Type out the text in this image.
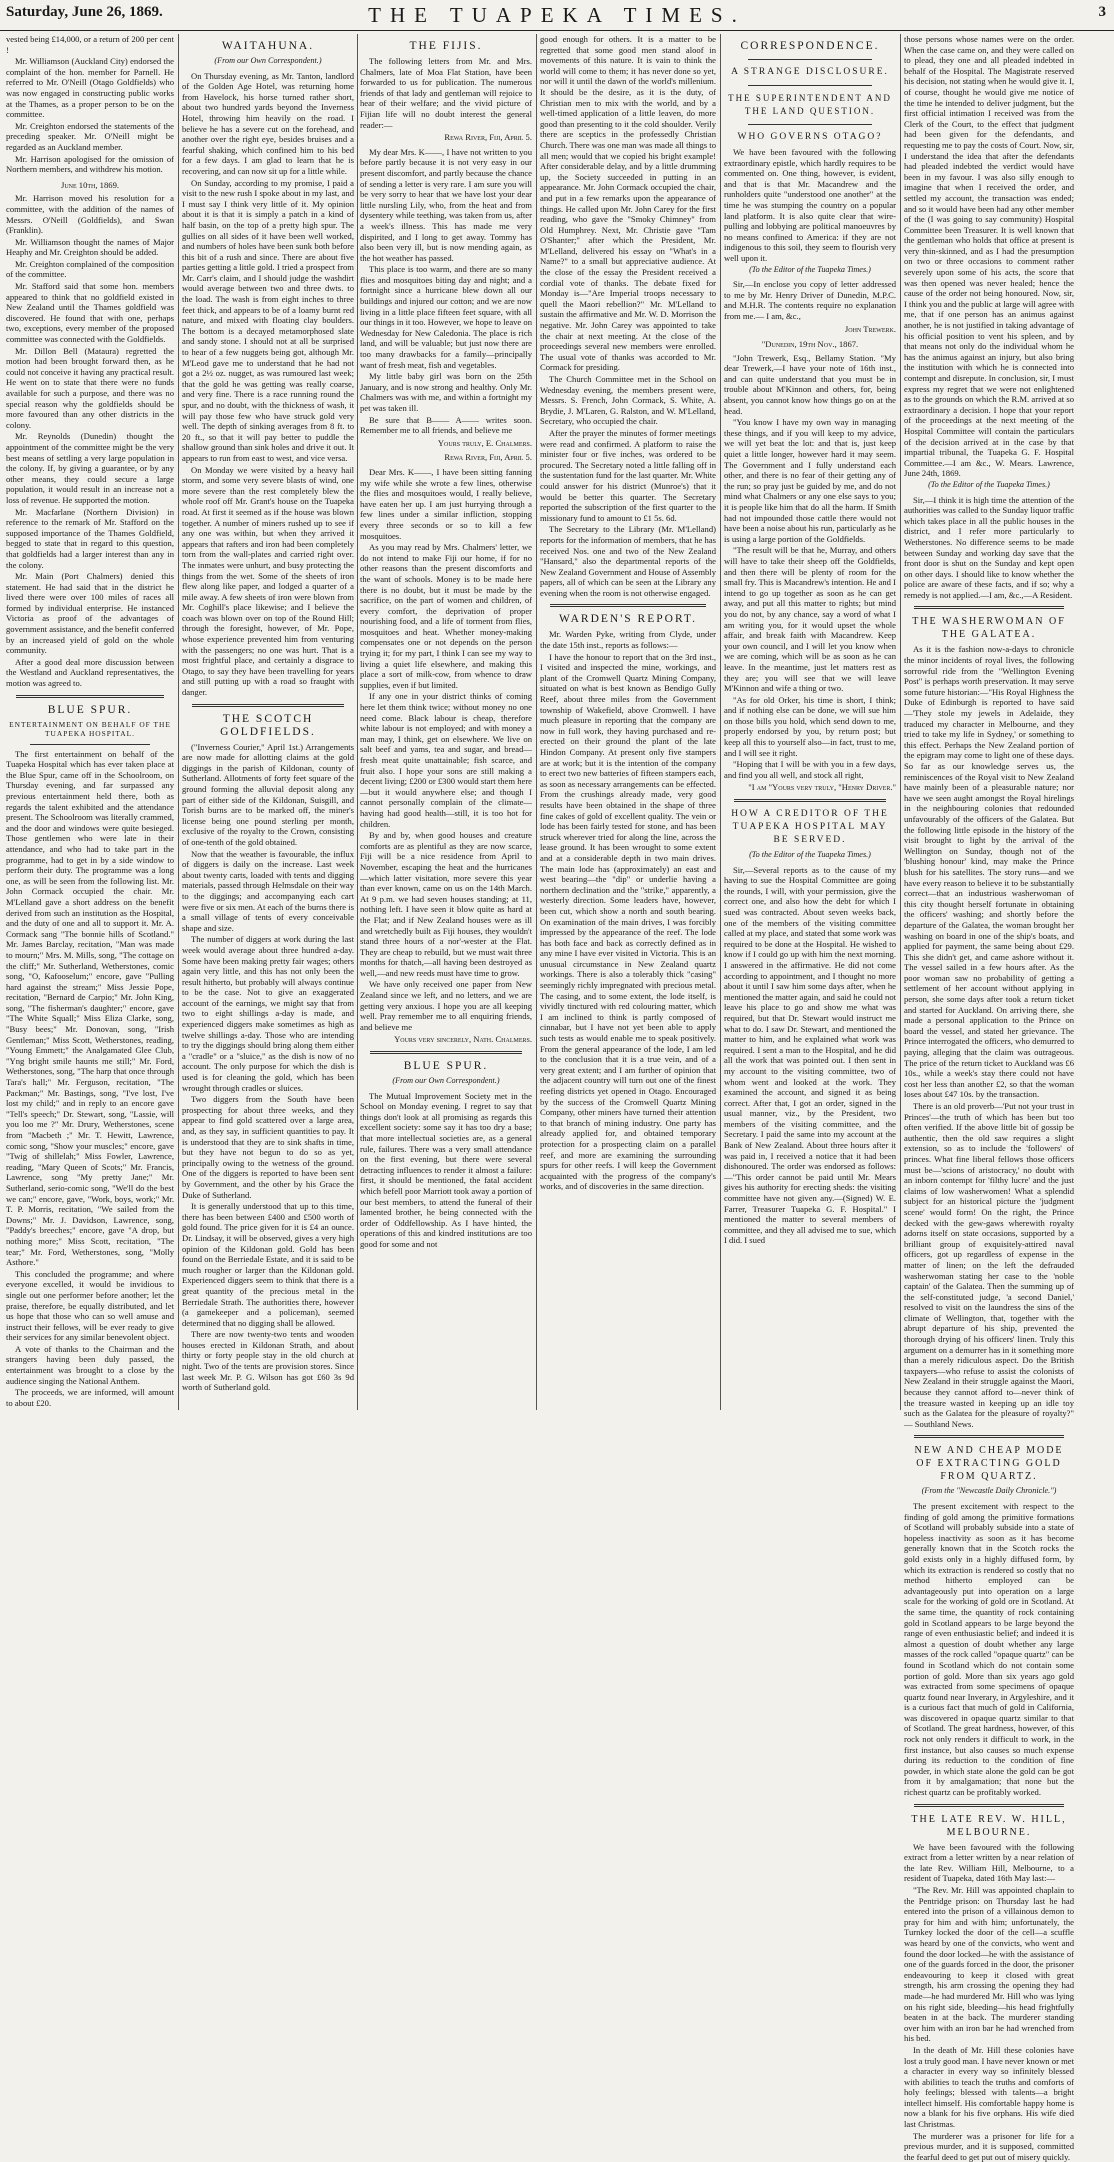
Saturday, June 26, 1869.	THE TUAPEKA TIMES.	3

vested being £14,000, or a return of 200 per cent !

Mr. Williamson (Auckland City) endorsed the complaint of the hon. member for Parnell. He referred to Mr. O'Neill (Otago Goldfields) who was now engaged in constructing public works at the Thames, as a proper person to be on the committee.

Mr. Creighton endorsed the statements of the preceding speaker. Mr. O'Neill might be regarded as an Auckland member.

Mr. Harrison apologised for the omission of Northern members, and withdrew his motion.

June 10th, 1869.

Mr. Harrison moved his resolution for a committee, with the addition of the names of Messrs. O'Neill (Goldfields), and Swan (Franklin).

Mr. Williamson thought the names of Major Heaphy and Mr. Creighton should be added.

Mr. Creighton complained of the composition of the committee.

Mr. Stafford said that some hon. members appeared to think that no goldfield existed in New Zealand until the Thames goldfield was discovered. He found that with one, perhaps two, exceptions, every member of the proposed committee was connected with the Goldfields.

Mr. Dillon Bell (Mataura) regretted the motion had been brought forward then, as he could not conceive it having any practical result. He went on to state that there were no funds available for such a purpose, and there was no special reason why the goldfields should be more favoured than any other districts in the colony.

Mr. Reynolds (Dunedin) thought the appointment of the committee might be the very best means of settling a very large population in the colony. If, by giving a guarantee, or by any other means, they could secure a large population, it would result in an increase not a loss of revenue. He supported the motion.

Mr. Macfarlane (Northern Division) in reference to the remark of Mr. Stafford on the supposed importance of the Thames Goldfield, begged to state that in regard to this question, that goldfields had a larger interest than any in the colony.

Mr. Main (Port Chalmers) denied this statement. He had said that in the district he lived there were over 100 miles of races all formed by individual enterprise. He instanced Victoria as proof of the advantages of government assistance, and the benefit conferred by an increased yield of gold on the whole community.

After a good deal more discussion between the Westland and Auckland representatives, the motion was agreed to.

BLUE SPUR.
ENTERTAINMENT ON BEHALF OF THE TUAPEKA HOSPITAL.

The first entertainment on behalf of the Tuapeka Hospital which has ever taken place at the Blue Spur, came off in the Schoolroom, on Thursday evening, and far surpassed any previous entertainment held there, both as regards the talent exhibited and the attendance present. The Schoolroom was literally crammed, and the door and windows were quite besieged. Those gentlemen who were late in their attendance, and who had to take part in the programme, had to get in by a side window to perform their duty. The programme was a long one, as will be seen from the following list. Mr. John Cormack occupied the chair. Mr. M'Lelland gave a short address on the benefit derived from such an institution as the Hospital, and the duty of one and all to support it. Mr. A. Cormack sang "The bonnie hills of Scotland." Mr. James Barclay, recitation, "Man was made to mourn;" Mrs. M. Mills, song, "The cottage on the cliff;" Mr. Sutherland, Wetherstones, comic song, "O, Kafooselum;" encore, gave "Pulling hard against the stream;" Miss Jessie Pope, recitation, "Bernard de Carpio;" Mr. John King, song, "The fisherman's daughter;" encore, gave "The White Squall;" Miss Eliza Clarke, song, "Busy bees;" Mr. Donovan, song, "Irish Gentleman;" Miss Scott, Wetherstones, reading, "Young Emmett;" the Analgamated Glee Club, "Yng bright smile haunts me still;" Mr. Ford, Wetherstones, song, "The harp that once through Tara's hall;" Mr. Ferguson, recitation, "The Packman;" Mr. Bastings, song, "I've lost, I've lost my child;" and in reply to an encore gave "Tell's speech;" Dr. Stewart, song, "Lassie, will you loo me ?" Mr. Drury, Wetherstones, scene from "Macbeth ;" Mr. T. Hewitt, Lawrence, comic song, "Show your muscles;" encore, gave "Twig of shillelah;" Miss Fowler, Lawrence, reading, "Mary Queen of Scots;" Mr. Francis, Lawrence, song "My pretty Jane;" Mr. Sutherland, serio-comic song, "We'll do the best we can;" encore, gave, "Work, boys, work;" Mr. T. P. Morris, recitation, "We sailed from the Downs;" Mr. J. Davidson, Lawrence, song, "Paddy's breeches;" encore, gave "A drop, but nothing more;" Miss Scott, recitation, "The tear;" Mr. Ford, Wetherstones, song, "Molly Asthore."

This concluded the programme; and where everyone excelled, it would be invidious to single out one performer before another; let the praise, therefore, be equally distributed, and let us hope that those who can so well amuse and instruct their fellows, will be ever ready to give their services for any similar benevolent object.

A vote of thanks to the Chairman and the strangers having been duly passed, the entertainment was brought to a close by the audience singing the National Anthem.

The proceeds, we are informed, will amount to about £20.

WAITAHUNA.
(From our Own Correspondent.)

On Thursday evening, as Mr. Tanton, landlord of the Golden Age Hotel, was returning home from Havelock, his horse turned rather short, about two hundred yards beyond the Inverness Hotel, throwing him heavily on the road. I believe he has a severe cut on the forehead, and another over the right eye, besides bruises and a fearful shaking, which confined him to his bed for a few days. I am glad to learn that he is recovering, and can now sit up for a little while.

On Sunday, according to my promise, I paid a visit to the new rush I spoke about in my last, and I must say I think very little of it. My opinion about it is that it is simply a patch in a kind of half basin, on the top of a pretty high spur. The gullies on all sides of it have been well worked, and numbers of holes have been sunk both before this bit of a rush and since. There are about five parties getting a little gold. I tried a prospect from Mr. Carr's claim, and I should judge the washdirt would average between two and three dwts. to the load. The wash is from eight inches to three feet thick, and appears to be of a loamy burnt red nature, and mixed with floating clay boulders. The bottom is a decayed metamorphosed slate and sandy stone. I should not at all be surprised to hear of a few nuggets being got, although Mr. M'Leod gave me to understand that he had not got a 2½ oz. nugget, as was rumoured last week; that the gold he was getting was really coarse, and very fine. There is a race running round the spur, and no doubt, with the thickness of wash, it will pay those few who have struck gold very well. The depth of sinking averages from 8 ft. to 20 ft., so that it will pay better to puddle the shallow ground than sink holes and drive it out. It appears to run from east to west, and vice versa.

On Monday we were visited by a heavy hail storm, and some very severe blasts of wind, one more severe than the rest completely blew the whole roof off Mr. Grant's house on the Tuapeka road. At first it seemed as if the house was blown together. A number of miners rushed up to see if any one was within, but when they arrived it appears that rafters and iron had been completely torn from the wall-plates and carried right over. The inmates were unhurt, and busy protecting the things from the wet. Some of the sheets of iron flew along like paper, and lodged a quarter of a mile away. A few sheets of iron were blown from Mr. Coghill's place likewise; and I believe the coach was blown over on top of the Round Hill; through the foresight, however, of Mr. Pope, whose experience prevented him from venturing with the passengers; no one was hurt. That is a most frightful place, and certainly a disgrace to Otago, to say they have been travelling for years and still putting up with a road so fraught with danger.

THE SCOTCH GOLDFIELDS.

("Inverness Courier," April 1st.) Arrangements are now made for allotting claims at the gold diggings in the parish of Kildonan, county of Sutherland. Allotments of forty feet square of the ground forming the alluvial deposit along any part of either side of the Kildonan, Suisgill, and Torish burns are to be marked off, the miner's license being one pound sterling per month, exclusive of the royalty to the Crown, consisting of one-tenth of the gold obtained.

Now that the weather is favourable, the influx of diggers is daily on the increase. Last week about twenty carts, loaded with tents and digging materials, passed through Helmsdale on their way to the diggings; and accompanying each cart were five or six men. At each of the burns there is a small village of tents of every conceivable shape and size.

The number of diggers at work during the last week would average about three hundred a-day. Some have been making pretty fair wages; others again very little, and this has not only been the result hitherto, but probably will always continue to be the case. Not to give an exaggerated account of the earnings, we might say that from two to eight shillings a-day is made, and experienced diggers make sometimes as high as twelve shillings a-day. Those who are intending to try the diggings should bring along them either a "cradle" or a "sluice," as the dish is now of no account. The only purpose for which the dish is used is for cleaning the gold, which has been wrought through cradles or sluices.

Two diggers from the South have been prospecting for about three weeks, and they appear to find gold scattered over a large area, and, as they say, in sufficient quantities to pay. It is understood that they are to sink shafts in time, but they have not begun to do so as yet, principally owing to the wetness of the ground. One of the diggers is reported to have been sent by Government, and the other by his Grace the Duke of Sutherland.

It is generally understood that up to this time, there has been between £400 and £500 worth of gold found. The price given for it is £4 an ounce. Dr. Lindsay, it will be observed, gives a very high opinion of the Kildonan gold. Gold has been found on the Berriedale Estate, and it is said to be much rougher or larger than the Kildonan gold. Experienced diggers seem to think that there is a great quantity of the precious metal in the Berriedale Strath. The authorities there, however (a gamekeeper and a policeman), seemed determined that no digging shall be allowed.

There are now twenty-two tents and wooden houses erected in Kildonan Strath, and about thirty or forty people stay in the old church at night. Two of the tents are provision stores. Since last week Mr. P. G. Wilson has got £60 3s 9d worth of Sutherland gold.

THE FIJIS.

The following letters from Mr. and Mrs. Chalmers, late of Moa Flat Station, have been forwarded to us for publication. The numerous friends of that lady and gentleman will rejoice to hear of their welfare; and the vivid picture of Fijian life will no doubt interest the general reader:—

Rewa River, Fiji, April 5.

My dear Mrs. K——, I have not written to you before partly because it is not very easy in our present discomfort, and partly because the chance of sending a letter is very rare. I am sure you will be very sorry to hear that we have lost your dear little nursling Lily, who, from the heat and from dysentery while teething, was taken from us, after a week's illness. This has made me very dispirited, and I long to get away. Tommy has also been very ill, but is now mending again, as the hot weather has passed.

This place is too warm, and there are so many flies and mosquitoes biting day and night; and a fortnight since a hurricane blew down all our buildings and injured our cotton; and we are now living in a little place fifteen feet square, with all our things in it too. However, we hope to leave on Wednesday for New Caledonia. The place is rich land, and will be valuable; but just now there are too many drawbacks for a family—principally want of fresh meat, fish and vegetables.

My little baby girl was born on the 25th January, and is now strong and healthy. Only Mr. Chalmers was with me, and within a fortnight my pet was taken ill.

Be sure that B—— A—— writes soon. Remember me to all friends, and believe me

Yours truly, E. Chalmers.
Rewa River, Fiji, April 5.

Dear Mrs. K——, I have been sitting fanning my wife while she wrote a few lines, otherwise the flies and mosquitoes would, I really believe, have eaten her up. I am just hurrying through a few lines under a similar infliction, stopping every three seconds or so to kill a few mosquitoes.

As you may read by Mrs. Chalmers' letter, we do not intend to make Fiji our home, if for no other reasons than the present discomforts and the want of schools. Money is to be made here there is no doubt, but it must be made by the sacrifice, on the part of women and children, of every comfort, the deprivation of proper nourishing food, and a life of torment from flies, mosquitoes and heat. Whether money-making compensates one or not depends on the person trying it; for my part, I think I can see my way to living a quiet life elsewhere, and making this place a sort of milk-cow, from whence to draw supplies, even if but limited.

If any one in your district thinks of coming here let them think twice; without money no one need come. Black labour is cheap, therefore white labour is not employed; and with money a man may, I think, get on elsewhere. We live on salt beef and yams, tea and sugar, and bread—fresh meat quite unattainable; fish scarce, and fruit also. I hope your sons are still making a decent living; £200 or £300 would start them here—but it would anywhere else; and though I cannot personally complain of the climate—having had good health—still, it is too hot for children.

By and by, when good houses and creature comforts are as plentiful as they are now scarce, Fiji will be a nice residence from April to November, escaping the heat and the hurricanes—which latter visitation, more severe this year than ever known, came on us on the 14th March. At 9 p.m. we had seven houses standing; at 11, nothing left. I have seen it blow quite as hard at the Flat; and if New Zealand houses were as ill and wretchedly built as Fiji houses, they wouldn't stand three hours of a nor'-wester at the Flat. They are cheap to rebuild, but we must wait three months for thatch,—all having been destroyed as well,—and new reeds must have time to grow.

We have only received one paper from New Zealand since we left, and no letters, and we are getting very anxious. I hope you are all keeping well. Pray remember me to all enquiring friends, and believe me

Yours very sincerely, Nath. Chalmers.
BLUE SPUR.
(From our Own Correspondent.)

The Mutual Improvement Society met in the School on Monday evening. I regret to say that things don't look at all promising as regards this excellent society: some say it has too dry a base; that more intellectual societies are, as a general rule, failures. There was a very small attendance on the first evening, but there were several detracting influences to render it almost a failure: first, it should be mentioned, the fatal accident which befell poor Marriott took away a portion of our best members, to attend the funeral of their lamented brother, he being connected with the order of Oddfellowship. As I have hinted, the operations of this and kindred institutions are too good for some and not

good enough for others. It is a matter to be regretted that some good men stand aloof in movements of this nature. It is vain to think the world will come to them; it has never done so yet, nor will it until the dawn of the world's millenium. It should be the desire, as it is the duty, of Christian men to mix with the world, and by a well-timed application of a little leaven, do more good than presenting to it the cold shoulder. Verily there are sceptics in the professedly Christian Church. There was one man was made all things to all men; would that we copied his bright example! After considerable delay, and by a little drumming up, the Society succeeded in putting in an appearance. Mr. John Cormack occupied the chair, and put in a few remarks upon the appearance of things. He called upon Mr. John Carey for the first reading, who gave the "Smoky Chimney" from Old Humphrey. Next, Mr. Christie gave "Tam O'Shanter;" after which the President, Mr. M'Lelland, delivered his essay on "What's in a Name?" to a small but appreciative audience. At the close of the essay the President received a cordial vote of thanks. The debate fixed for Monday is—"Are Imperial troops necessary to quell the Maori rebellion?" Mr. M'Lelland to sustain the affirmative and Mr. W. D. Morrison the negative. Mr. John Carey was appointed to take the chair at next meeting. At the close of the proceedings several new members were enrolled. The usual vote of thanks was accorded to Mr. Cormack for presiding.

The Church Committee met in the School on Wednesday evening, the members present were, Messrs. S. French, John Cormack, S. White, A. Brydie, J. M'Laren, G. Ralston, and W. M'Lelland, Secretary, who occupied the chair.

After the prayer the minutes of former meetings were read and confirmed. A platform to raise the minister four or five inches, was ordered to be procured. The Secretary noted a little falling off in the sustentation fund for the last quarter. Mr. White could answer for his district (Munroe's) that it would be better this quarter. The Secretary reported the subscription of the first quarter to the missionary fund to amount to £1 5s. 6d.

The Secretary to the Library (Mr. M'Lelland) reports for the information of members, that he has received Nos. one and two of the New Zealand "Hansard," also the departmental reports of the New Zealand Government and House of Assembly papers, all of which can be seen at the Library any evening when the room is not otherwise engaged.

WARDEN'S REPORT.

Mr. Warden Pyke, writing from Clyde, under the date 15th inst., reports as follows:—

I have the honour to report that on the 3rd inst., I visited and inspected the mine, workings, and plant of the Cromwell Quartz Mining Company, situated on what is best known as Bendigo Gully Reef, about three miles from the Government township of Wakefield, above Cromwell. I have much pleasure in reporting that the company are now in full work, they having purchased and re-erected on their ground the plant of the late Hindon Company. At present only five stampers are at work; but it is the intention of the company to erect two new batteries of fifteen stampers each, as soon as necessary arrangements can be effected. From the crushings already made, very good results have been obtained in the shape of three fine cakes of gold of excellent quality. The vein or lode has been fairly tested for stone, and has been struck wherever tried for along the line, across the lease ground. It has been wrought to some extent and at a considerable depth in two main drives. The main lode has (approximately) an east and west bearing—the "dip" or underlie having a northern declination and the "strike," apparently, a westerly direction. Some leaders have, however, been cut, which show a north and south bearing. On examination of the main drives, I was forcibly impressed by the appearance of the reef. The lode has both face and back as correctly defined as in any mine I have ever visited in Victoria. This is an unusual circumstance in New Zealand quartz workings. There is also a tolerably thick "casing" seemingly richly impregnated with precious metal. The casing, and to some extent, the lode itself, is vividly tinctured with red colouring matter, which I am inclined to think is partly composed of cinnabar, but I have not yet been able to apply such tests as would enable me to speak positively. From the general appearance of the lode, I am led to the conclusion that it is a true vein, and of a very great extent; and I am further of opinion that the adjacent country will turn out one of the finest reefing districts yet opened in Otago. Encouraged by the success of the Cromwell Quartz Mining Company, other miners have turned their attention to that branch of mining industry. One party has already applied for, and obtained temporary protection for a prospecting claim on a parallel reef, and more are examining the surrounding spurs for other reefs. I will keep the Government acquainted with the progress of the company's works, and of discoveries in the same direction.

CORRESPONDENCE.
A STRANGE DISCLOSURE.
THE SUPERINTENDENT AND THE LAND QUESTION.
WHO GOVERNS OTAGO?

We have been favoured with the following extraordinary epistle, which hardly requires to be commented on. One thing, however, is evident, and that is that Mr. Macandrew and the runholders quite "understood one another" at the time he was stumping the country on a popular land platform. It is also quite clear that wire-pulling and lobbying are political manoeuvres by no means confined to America: if they are not indigenous to this soil, they seem to flourish very well upon it.

(To the Editor of the Tuapeka Times.)

Sir,—In enclose you copy of letter addressed to me by Mr. Henry Driver of Dunedin, M.P.C. and M.H.R. The contents require no explanation from me.— I am, &c.,

John Trewerk.
"Dunedin, 19th Nov., 1867.

"John Trewerk, Esq., Bellamy Station. "My dear Trewerk,—I have your note of 16th inst., and can quite understand that you must be in trouble about M'Kinnon and others, for, being absent, you cannot know how things go on at the head.

"You know I have my own way in managing these things, and if you will keep to my advice, we will yet beat the lot: and that is, just keep quiet a little longer, however hard it may seem. The Government and I fully understand each other, and there is no fear of their getting any of the run; so pray just be guided by me, and do not mind what Chalmers or any one else says to you; it is people like him that do all the harm. If Smith had not impounded those cattle there would not have been a noise about his run, particularly as he is using a large portion of the Goldfields.

"The result will be that he, Murray, and others will have to take their sheep off the Goldfields, and then there will be plenty of room for the small fry. This is Macandrew's intention. He and I intend to go up together as soon as he can get away, and put all this matter to rights; but mind you do not, by any chance, say a word of what I am writing you, for it would upset the whole affair, and break faith with Macandrew. Keep your own council, and I will let you know when we are coming, which will be as soon as he can leave. In the meantime, just let matters rest as they are; you will see that we will leave M'Kinnon and wife a thing or two.

"As for old Orker, his time is short, I think; and if nothing else can be done, we will sue him on those bills you hold, which send down to me, properly endorsed by you, by return post; but keep all this to yourself also—in fact, trust to me, and I will see it right.

"Hoping that I will be with you in a few days, and find you all well, and stock all right,

"I am "Yours very truly, "Henry Driver."
HOW A CREDITOR OF THE TUAPEKA HOSPITAL MAY BE SERVED.
(To the Editor of the Tuapeka Times.)

Sir,—Several reports as to the cause of my having to sue the Hospital Committee are going the rounds, I will, with your permission, give the correct one, and also how the debt for which I sued was contracted. About seven weeks back, one of the members of the visiting committee called at my place, and stated that some work was required to be done at the Hospital. He wished to know if I could go up with him the next morning. I answered in the affirmative. He did not come according to appointment, and I thought no more about it until I saw him some days after, when he mentioned the matter again, and said he could not leave his place to go and show me what was required, but that Dr. Stewart would instruct me what to do. I saw Dr. Stewart, and mentioned the matter to him, and he explained what work was required. I sent a man to the Hospital, and he did all the work that was pointed out. I then sent in my account to the visiting committee, two of whom went and looked at the work. They examined the account, and signed it as being correct. After that, I got an order, signed in the usual manner, viz., by the President, two members of the visiting committee, and the Secretary. I paid the same into my account at the Bank of New Zealand. About three hours after it was paid in, I received a notice that it had been dishonoured. The order was endorsed as follows:—"This order cannot be paid until Mr. Mears gives his authority for erecting sheds: the visiting committee have not given any.—(Signed) W. E. Farrer, Treasurer Tuapeka G. F. Hospital." I mentioned the matter to several members of committee, and they all advised me to sue, which I did. I sued

those persons whose names were on the order. When the case came on, and they were called on to plead, they one and all pleaded indebted in behalf of the Hospital. The Magistrate reserved his decision, not stating when he would give it. I, of course, thought he would give me notice of the time he intended to deliver judgment, but the first official intimation I received was from the Clerk of the Court, to the effect that judgment had been given for the defendants, and requesting me to pay the costs of Court. Now, sir, I understand the idea that after the defendants had pleaded indebted the verdict would have been in my favour. I was also silly enough to imagine that when I received the order, and settled my account, the transaction was ended; and so it would have been had any other member of the (I was going to say community) Hospital Committee been Treasurer. It is well known that the gentleman who holds that office at present is very thin-skinned, and as I had the presumption on two or three occasions to comment rather severely upon some of his acts, the score that was then opened was never healed; hence the cause of the order not being honoured. Now, sir, I think you and the public at large will agree with me, that if one person has an animus against another, he is not justified in taking advantage of his official position to vent his spleen, and by that means not only do the individual whom he has the animus against an injury, but also bring the institution with which he is connected into contempt and disrepute. In conclusion, sir, I must express my regret that we were not enlightened as to the grounds on which the R.M. arrived at so extraordinary a decision. I hope that your report of the proceedings at the next meeting of the Hospital Committee will contain the particulars of the decision arrived at in the case by that impartial tribunal, the Tuapeka G. F. Hospital Committee.—I am &c., W. Mears. Lawrence, June 24th, 1869.

(To the Editor of the Tuapeka Times.)

Sir,—I think it is high time the attention of the authorities was called to the Sunday liquor traffic which takes place in all the public houses in the district, and I refer more particularly to Wetherstones. No difference seems to be made between Sunday and working day save that the front door is shut on the Sunday and kept open on other days. I should like to know whether the police are aware of these facts, and if so; why a remedy is not applied.—I am, &c.,—A Resident.

THE WASHERWOMAN OF THE GALATEA.

As it is the fashion now-a-days to chronicle the minor incidents of royal lives, the following sorrowful ride from the "Wellington Evening Post" is perhaps worth preservation. It may serve some future historian:—"His Royal Highness the Duke of Edinburgh is reported to have said—'They stole my jewels in Adelaide, they traduced my character in Melbourne, and they tried to take my life in Sydney,' or something to this effect. Perhaps the New Zealand portion of the epigram may come to light one of these days. So far as our knowledge serves us, the reminiscences of the Royal visit to New Zealand have mainly been of a pleasurable nature; nor have we seen aught amongst the Royal hirelings in the neighbouring colonies that redounded unfavourably of the officers of the Galatea. But the following little episode in the history of the visit brought to light by the arrival of the Wellington on Sunday, though not of the 'blushing honour' kind, may make the Prince blush for his satellites. The story runs—and we have every reason to believe it to be substantially correct—that an industrious washerwoman of this city thought herself fortunate in obtaining the officers' washing; and shortly before the departure of the Galatea, the woman brought her washing on board in one of the ship's boats, and applied for payment, the same being about £29. This she didn't get, and came ashore without it. The vessel sailed in a few hours after. As the poor woman saw no probability of getting a settlement of her account without applying in person, she some days after took a return ticket and started for Auckland. On arriving there, she made a personal application to the Prince on board the vessel, and stated her grievance. The Prince interrogated the officers, who demurred to paying, alleging that the claim was outrageous. The price of the return ticket to Auckland was £6 10s., while a week's stay there could not have cost her less than another £2, so that the woman loses about £47 10s. by the transaction.

There is an old proverb—'Put not your trust in Princes'—the truth of which has been but too often verified. If the above little bit of gossip be authentic, then the old saw requires a slight extension, so as to include the 'followers' of princes. What fine liberal fellows those officers must be—'scions of aristocracy,' no doubt with an inborn contempt for 'filthy lucre' and the just claims of low washerwomen! What a splendid subject for an historical picture the 'judgment scene' would form! On the right, the Prince decked with the gew-gaws wherewith royalty adorns itself on state occasions, supported by a brilliant group of exquisitely-attired naval officers, got up regardless of expense in the matter of linen; on the left the defrauded washerwoman stating her case to the 'noble captain' of the Galatea. Then the summing up of the self-constituted judge, 'a second Daniel,' resolved to visit on the laundress the sins of the climate of Wellington, that, together with the abrupt departure of his ship, prevented the thorough drying of his officers' linen. Truly this argument on a demurrer has in it something more than a merely ridiculous aspect. Do the British taxpayers—who refuse to assist the colonists of New Zealand in their struggle against the Maori, because they cannot afford to—never think of the treasure wasted in keeping up an idle toy such as the Galatea for the pleasure of royalty?" — Southland News.

NEW AND CHEAP MODE OF EXTRACTING GOLD FROM QUARTZ.
(From the "Newcastle Daily Chronicle.")

The present excitement with respect to the finding of gold among the primitive formations of Scotland will probably subside into a state of hopeless inactivity as soon as it has become generally known that in the Scotch rocks the gold exists only in a highly diffused form, by which its extraction is rendered so costly that no method hitherto employed can be advantageously put into operation on a large scale for the working of gold ore in Scotland. At the same time, the quantity of rock containing gold in Scotland appears to be large beyond the range of even enthusiastic belief; and indeed it is almost a question of doubt whether any large masses of the rock called "opaque quartz" can be found in Scotland which do not contain some portion of gold. More than six years ago gold was extracted from some specimens of opaque quartz found near Inverary, in Argyleshire, and it is a curious fact that much of gold in California, was discovered in opaque quartz similar to that of Scotland. The great hardness, however, of this rock not only renders it difficult to work, in the first instance, but also causes so much expense during its reduction to the condition of fine powder, in which state alone the gold can be got from it by amalgamation; that none but the richest quartz can be profitably worked.

THE LATE REV. W. HILL, MELBOURNE.

We have been favoured with the following extract from a letter written by a near relation of the late Rev. William Hill, Melbourne, to a resident of Tuapeka, dated 16th May last:—

"The Rev. Mr. Hill was appointed chaplain to the Pentridge prison: on Thursday last he had entered into the prison of a villainous demon to pray for him and with him; unfortunately, the Turnkey locked the door of the cell—a scuffle was heard by one of the convicts, who went and found the door locked—he with the assistance of one of the guards forced in the door, the prisoner endeavouring to keep it closed with great strength, his arm crossing the opening they had made—he had murdered Mr. Hill who was lying on his right side, bleeding—his head frightfully beaten in at the back. The murderer standing over him with an iron bar he had wrenched from his bed.

In the death of Mr. Hill these colonies have lost a truly good man. I have never known or met a character in every way so infinitely blessed with abilities to teach the truths and comforts of holy feelings; blessed with talents—a bright intellect himself. His comfortable happy home is now a blank for his five orphans. His wife died last Christmas.

The murderer was a prisoner for life for a previous murder, and it is supposed, committed the fearful deed to get put out of misery quickly.
